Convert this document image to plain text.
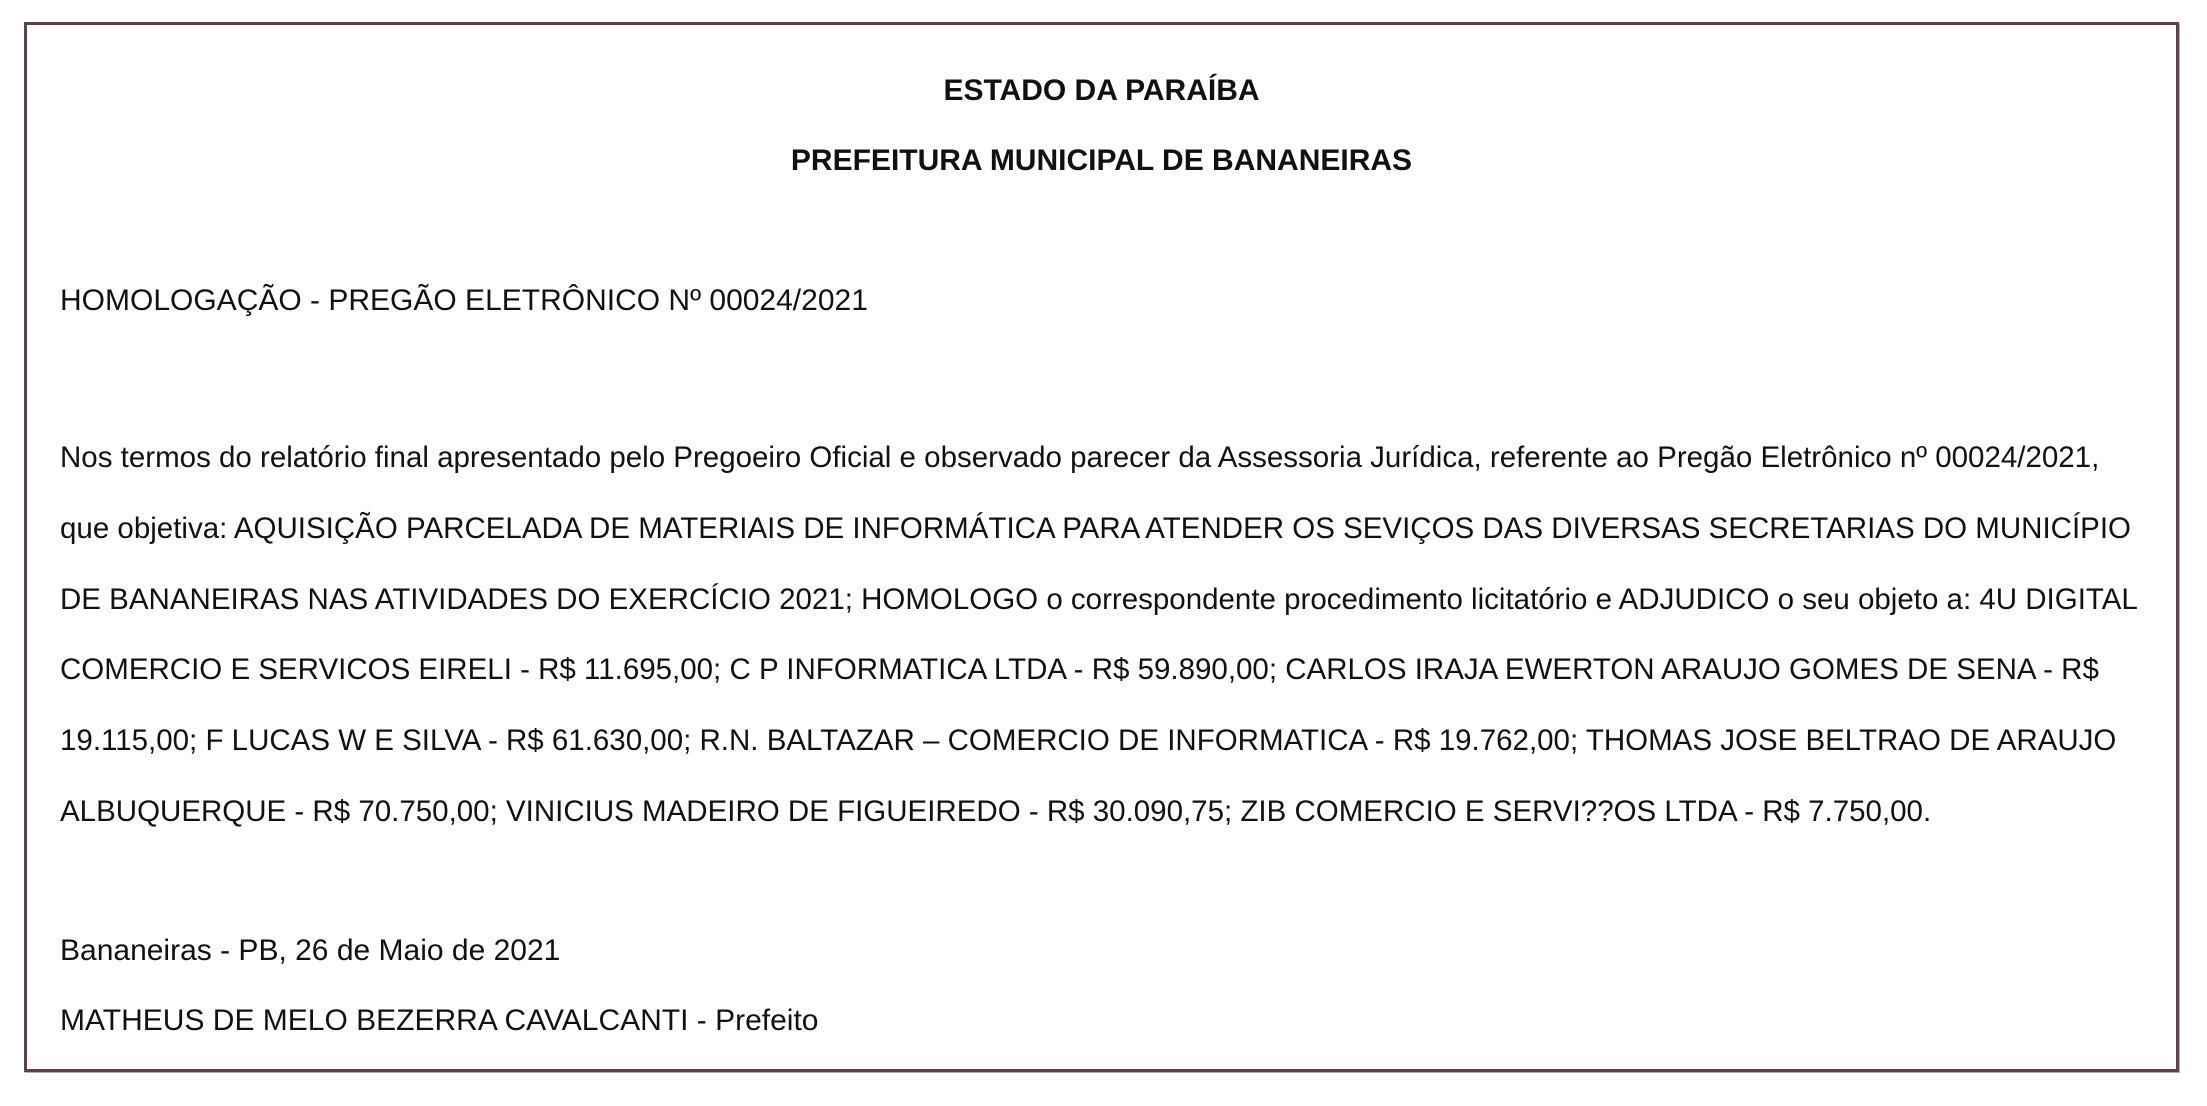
ESTADO DA PARAÍBA

PREFEITURA MUNICIPAL DE BANANEIRAS

HOMOLOGAÇÃO - PREGÃO ELETRÔNICO Nº 00024/2021

Nos termos do relatório final apresentado pelo Pregoeiro Oficial e observado parecer da Assessoria Jurídica, referente ao Pregão Eletrônico nº 00024/2021, que objetiva: AQUISIÇÃO PARCELADA DE MATERIAIS DE INFORMÁTICA PARA ATENDER OS SEVIÇOS DAS DIVERSAS SECRETARIAS DO MUNICÍPIO DE BANANEIRAS NAS ATIVIDADES DO EXERCÍCIO 2021; HOMOLOGO o correspondente procedimento licitatório e ADJUDICO o seu objeto a: 4U DIGITAL COMERCIO E SERVICOS EIRELI - R$ 11.695,00; C P INFORMATICA LTDA - R$ 59.890,00; CARLOS IRAJA EWERTON ARAUJO GOMES DE SENA - R$ 19.115,00; F LUCAS W E SILVA - R$ 61.630,00; R.N. BALTAZAR – COMERCIO DE INFORMATICA - R$ 19.762,00; THOMAS JOSE BELTRAO DE ARAUJO ALBUQUERQUE - R$ 70.750,00; VINICIUS MADEIRO DE FIGUEIREDO - R$ 30.090,75; ZIB COMERCIO E SERVI??OS LTDA - R$ 7.750,00.

Bananeiras - PB, 26 de Maio de 2021

MATHEUS DE MELO BEZERRA CAVALCANTI - Prefeito
